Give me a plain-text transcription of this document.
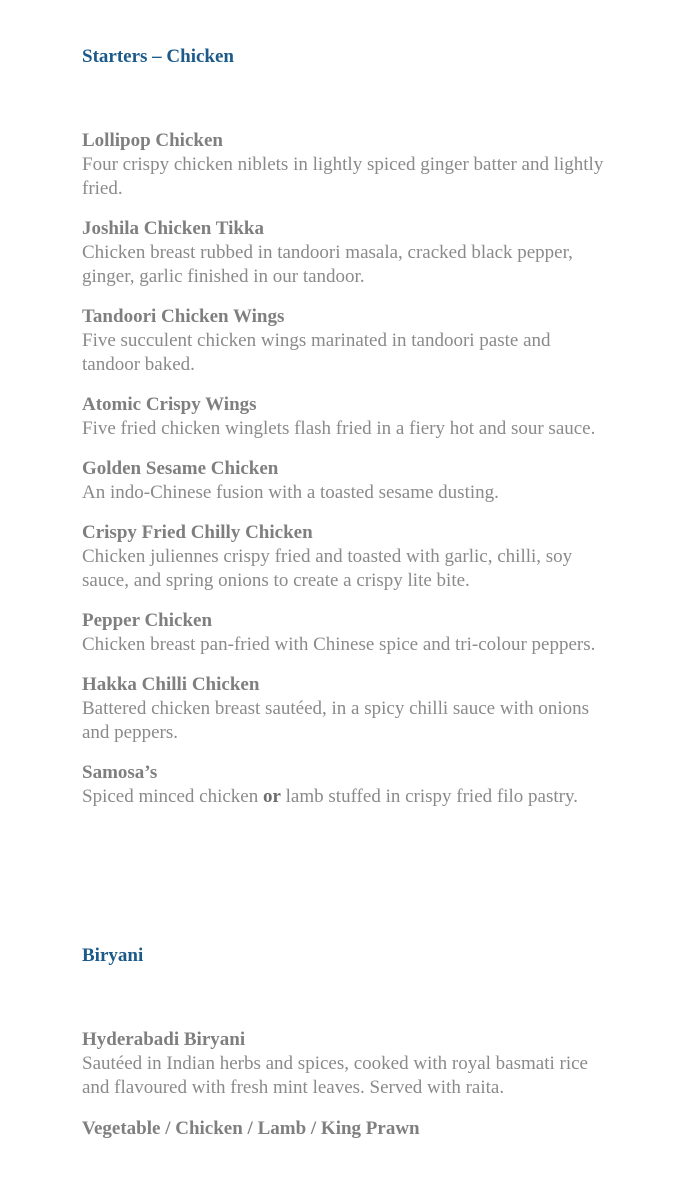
Starters – Chicken
Lollipop Chicken
Four crispy chicken niblets in lightly spiced ginger batter and lightly fried.
Joshila Chicken Tikka
Chicken breast rubbed in tandoori masala, cracked black pepper, ginger, garlic finished in our tandoor.
Tandoori Chicken Wings
Five succulent chicken wings marinated in tandoori paste and tandoor baked.
Atomic Crispy Wings
Five fried chicken winglets flash fried in a fiery hot and sour sauce.
Golden Sesame Chicken
An indo-Chinese fusion with a toasted sesame dusting.
Crispy Fried Chilly Chicken
Chicken juliennes crispy fried and toasted with garlic, chilli, soy sauce, and spring onions to create a crispy lite bite.
Pepper Chicken
Chicken breast pan-fried with Chinese spice and tri-colour peppers.
Hakka Chilli Chicken
Battered chicken breast sautéed, in a spicy chilli sauce with onions and peppers.
Samosa’s
Spiced minced chicken or lamb stuffed in crispy fried filo pastry.
Biryani
Hyderabadi Biryani
Sautéed in Indian herbs and spices, cooked with royal basmati rice and flavoured with fresh mint leaves. Served with raita.
Vegetable / Chicken / Lamb / King Prawn
